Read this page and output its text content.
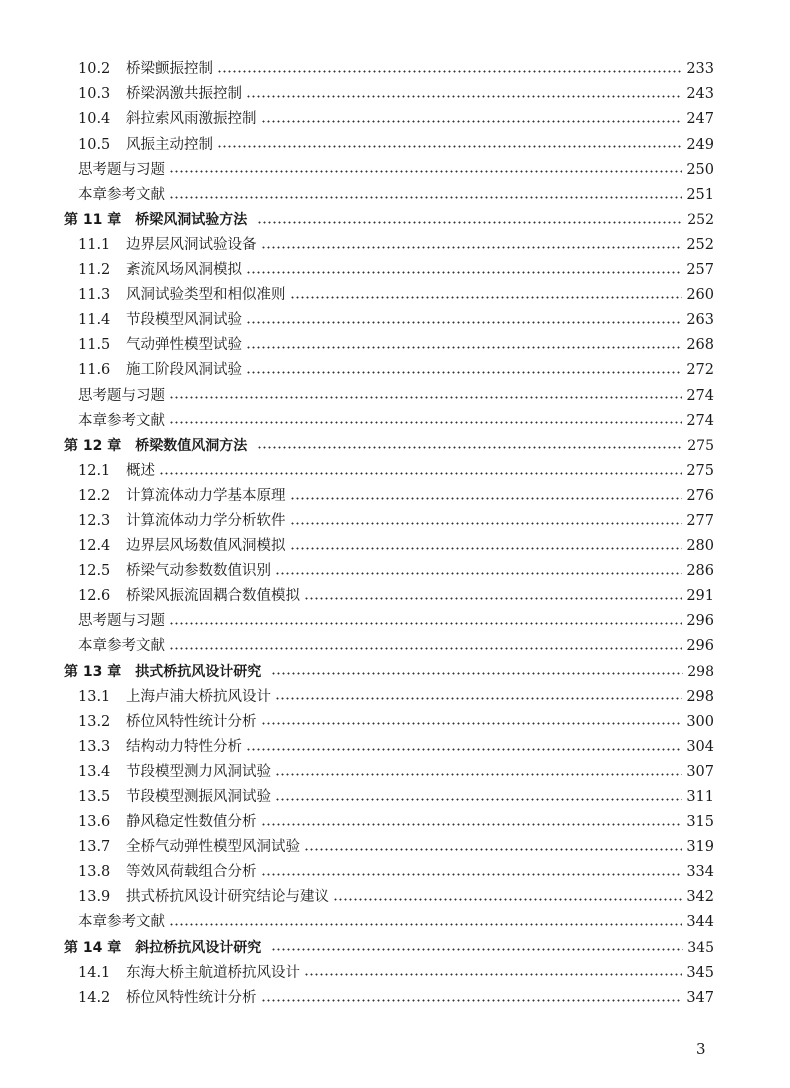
10.2	桥梁颤振控制	233
10.3	桥梁涡激共振控制	243
10.4	斜拉索风雨激振控制	247
10.5	风振主动控制	249
思考题与习题	250
本章参考文献	251
第 11 章 桥梁风洞试验方法	252
11.1	边界层风洞试验设备	252
11.2	紊流风场风洞模拟	257
11.3	风洞试验类型和相似准则	260
11.4	节段模型风洞试验	263
11.5	气动弹性模型试验	268
11.6	施工阶段风洞试验	272
思考题与习题	274
本章参考文献	274
第 12 章 桥梁数值风洞方法	275
12.1	概述	275
12.2	计算流体动力学基本原理	276
12.3	计算流体动力学分析软件	277
12.4	边界层风场数值风洞模拟	280
12.5	桥梁气动参数数值识别	286
12.6	桥梁风振流固耦合数值模拟	291
思考题与习题	296
本章参考文献	296
第 13 章 拱式桥抗风设计研究	298
13.1	上海卢浦大桥抗风设计	298
13.2	桥位风特性统计分析	300
13.3	结构动力特性分析	304
13.4	节段模型测力风洞试验	307
13.5	节段模型测振风洞试验	311
13.6	静风稳定性数值分析	315
13.7	全桥气动弹性模型风洞试验	319
13.8	等效风荷载组合分析	334
13.9	拱式桥抗风设计研究结论与建议	342
本章参考文献	344
第 14 章 斜拉桥抗风设计研究	345
14.1	东海大桥主航道桥抗风设计	345
14.2	桥位风特性统计分析	347
3
